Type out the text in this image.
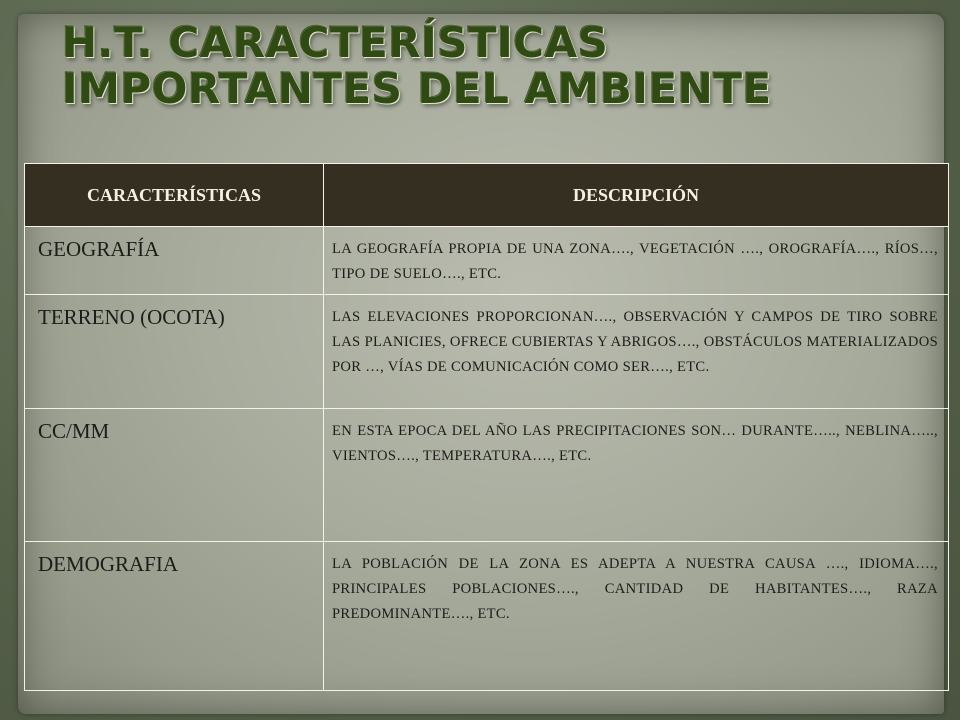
H.T. CARACTERÍSTICAS
IMPORTANTES DEL AMBIENTE
CARACTERÍSTICAS	DESCRIPCIÓN
GEOGRAFÍA	LA GEOGRAFÍA PROPIA DE UNA ZONA…., VEGETACIÓN …., OROGRAFÍA…., RÍOS…, TIPO DE SUELO…., ETC.
TERRENO (OCOTA)	LAS ELEVACIONES PROPORCIONAN…., OBSERVACIÓN Y CAMPOS DE TIRO SOBRE LAS PLANICIES, OFRECE CUBIERTAS Y ABRIGOS…., OBSTÁCULOS MATERIALIZADOS POR …, VÍAS DE COMUNICACIÓN COMO SER…., ETC.
CC/MM	EN ESTA EPOCA DEL AÑO LAS PRECIPITACIONES SON… DURANTE….., NEBLINA….., VIENTOS…., TEMPERATURA…., ETC.
DEMOGRAFIA	LA POBLACIÓN DE LA ZONA ES ADEPTA A NUESTRA CAUSA …., IDIOMA…., PRINCIPALES POBLACIONES…., CANTIDAD DE HABITANTES…., RAZA PREDOMINANTE…., ETC.
